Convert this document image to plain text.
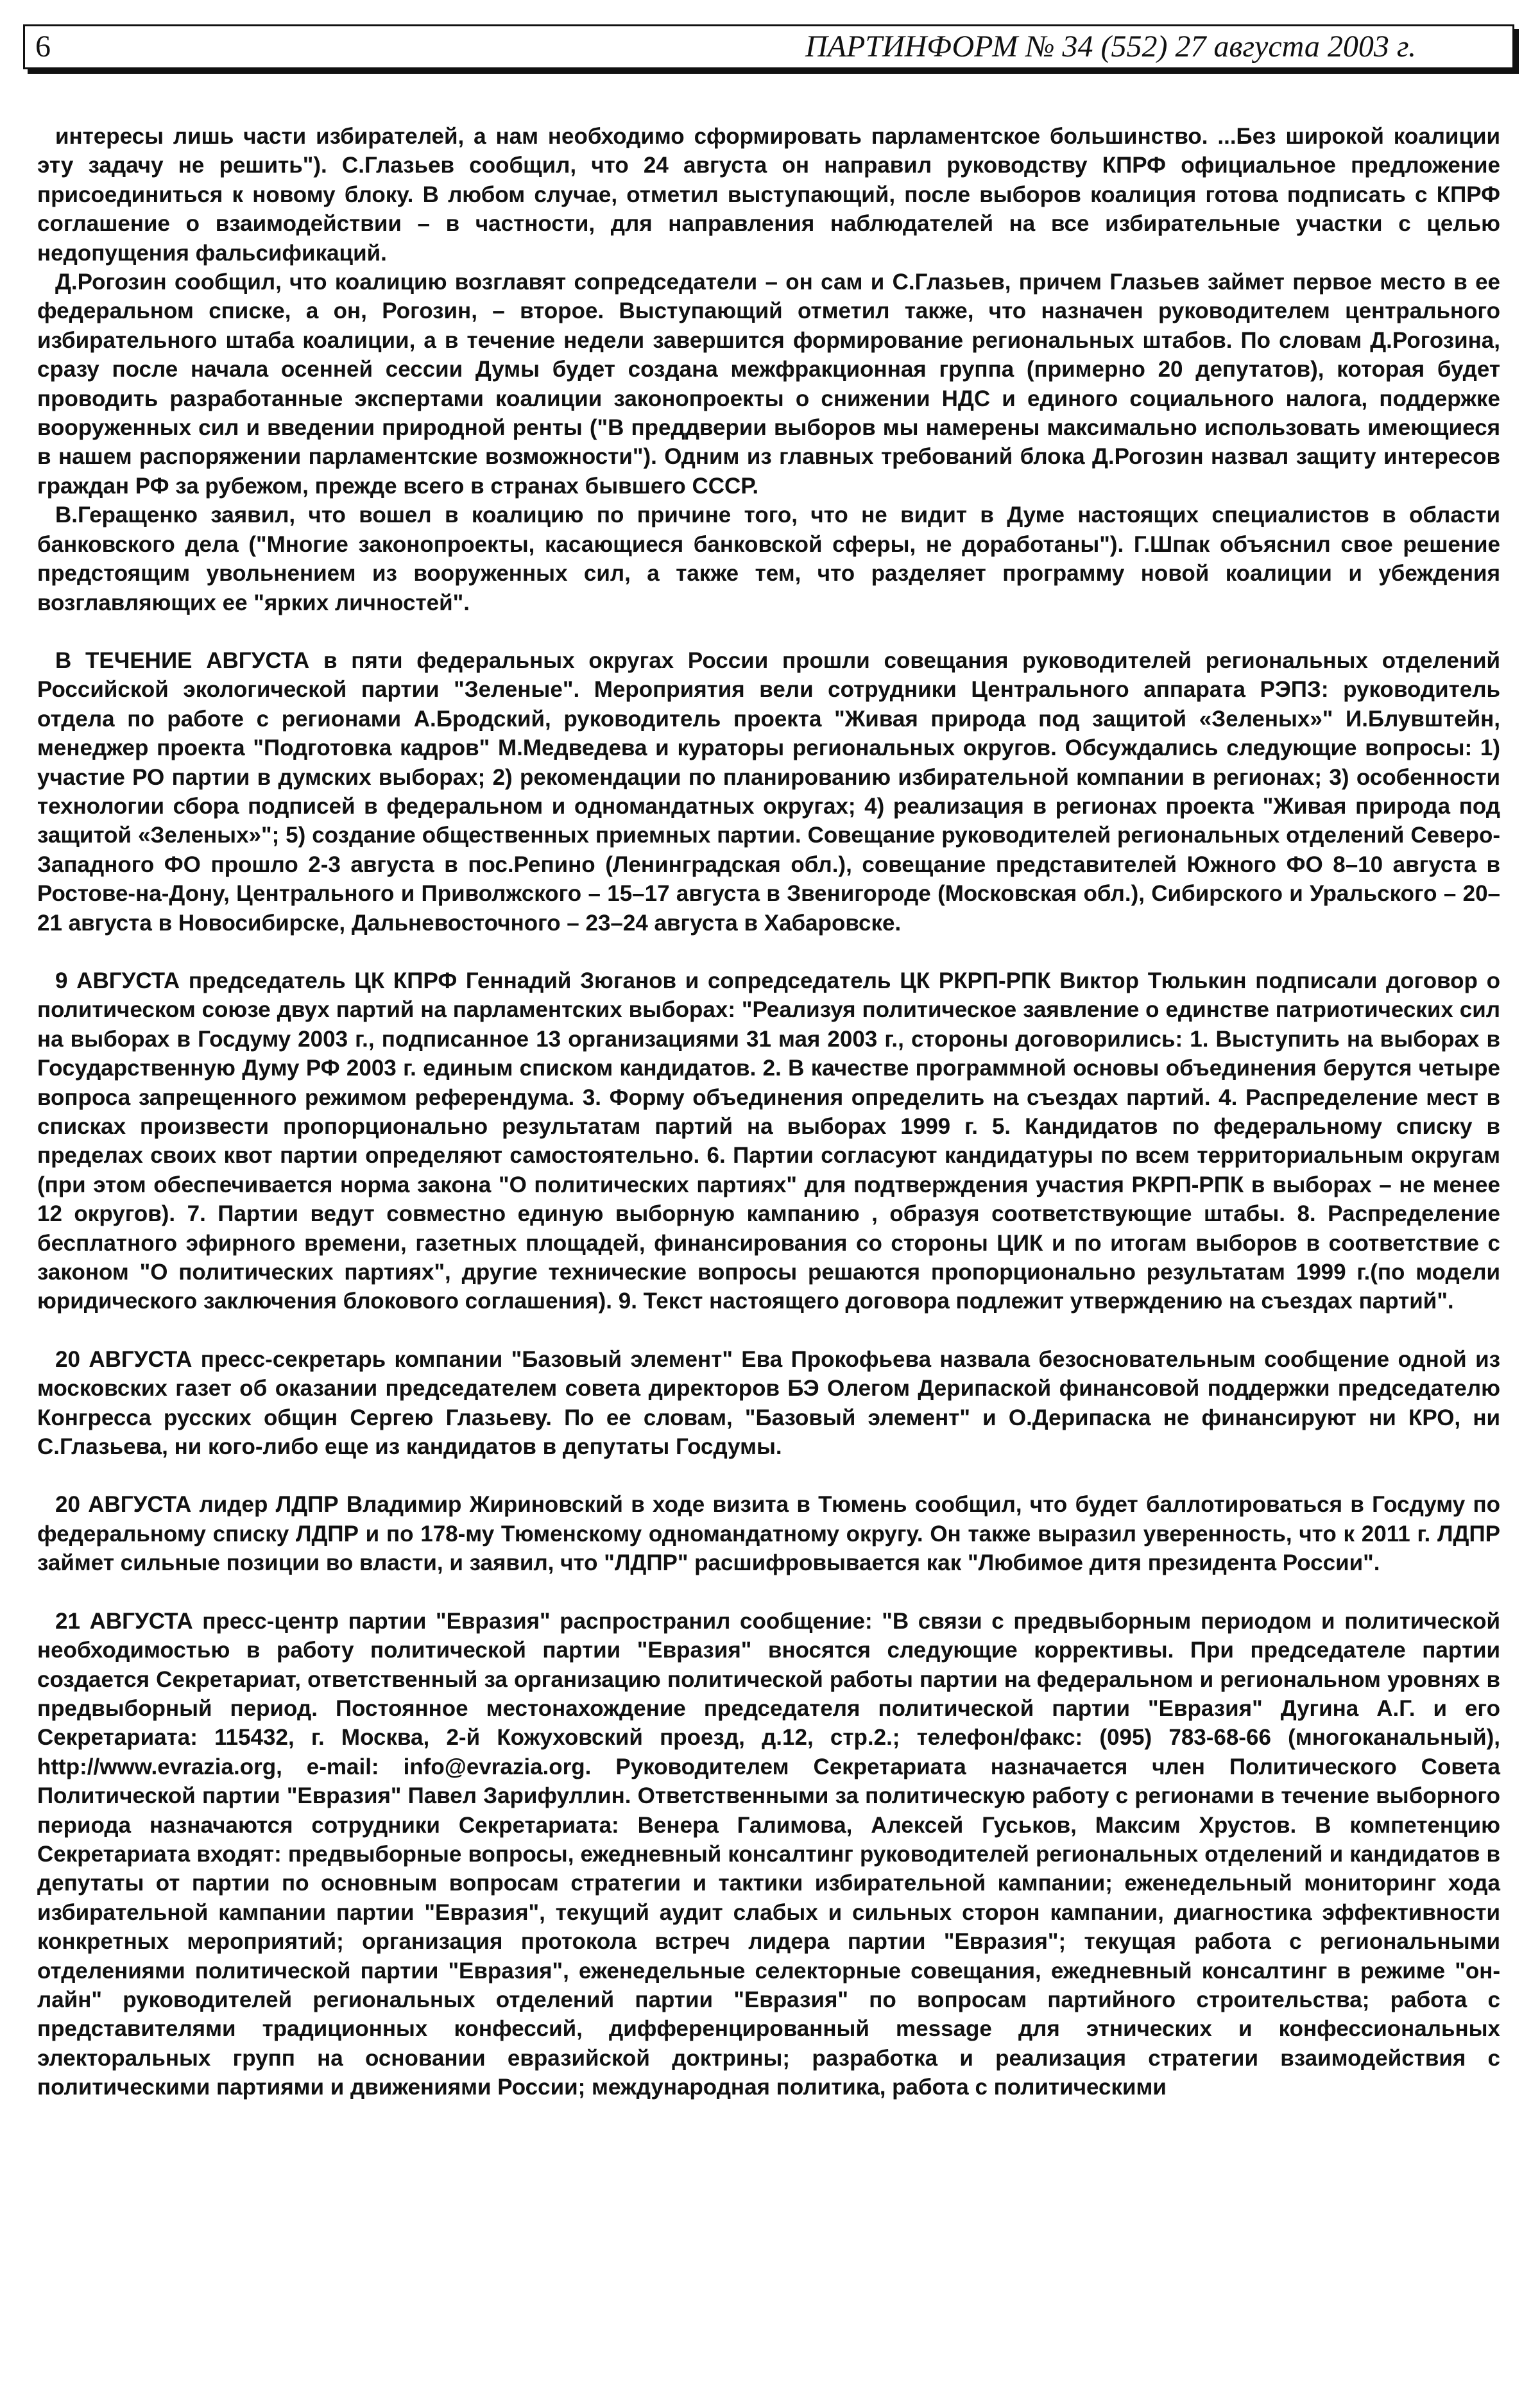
6	ПАРТИНФОРМ № 34 (552) 27 августа 2003 г.

интересы лишь части избирателей, а нам необходимо сформировать парламентское большинство. ...Без широкой коалиции эту задачу не решить"). С.Глазьев сообщил, что 24 августа он направил руководству КПРФ официальное предложение присоединиться к новому блоку. В любом случае, отметил выступающий, после выборов коалиция готова подписать с КПРФ соглашение о взаимодействии – в частности, для направления наблюдателей на все избирательные участки с целью недопущения фальсификаций.

Д.Рогозин сообщил, что коалицию возглавят сопредседатели – он сам и С.Глазьев, причем Глазьев займет первое место в ее федеральном списке, а он, Рогозин, – второе. Выступающий отметил также, что назначен руководителем центрального избирательного штаба коалиции, а в течение недели завершится формирование региональных штабов. По словам Д.Рогозина, сразу после начала осенней сессии Думы будет создана межфракционная группа (примерно 20 депутатов), которая будет проводить разработанные экспертами коалиции законопроекты о снижении НДС и единого социального налога, поддержке вооруженных сил и введении природной ренты ("В преддверии выборов мы намерены максимально использовать имеющиеся в нашем распоряжении парламентские возможности"). Одним из главных требований блока Д.Рогозин назвал защиту интересов граждан РФ за рубежом, прежде всего в странах бывшего СССР.

В.Геращенко заявил, что вошел в коалицию по причине того, что не видит в Думе настоящих специалистов в области банковского дела ("Многие законопроекты, касающиеся банковской сферы, не доработаны"). Г.Шпак объяснил свое решение предстоящим увольнением из вооруженных сил, а также тем, что разделяет программу новой коалиции и убеждения возглавляющих ее "ярких личностей".

В ТЕЧЕНИЕ АВГУСТА в пяти федеральных округах России прошли совещания руководителей региональных отделений Российской экологической партии "Зеленые". Мероприятия вели сотрудники Центрального аппарата РЭПЗ: руководитель отдела по работе с регионами А.Бродский, руководитель проекта "Живая природа под защитой «Зеленых»" И.Блувштейн, менеджер проекта "Подготовка кадров" М.Медведева и кураторы региональных округов. Обсуждались следующие вопросы: 1) участие РО партии в думских выборах; 2) рекомендации по планированию избирательной компании в регионах; 3) особенности технологии сбора подписей в федеральном и одномандатных округах; 4) реализация в регионах проекта "Живая природа под защитой «Зеленых»"; 5) создание общественных приемных партии. Совещание руководителей региональных отделений Северо-Западного ФО прошло 2-3 августа в пос.Репино (Ленинградская обл.), совещание представителей Южного ФО 8–10 августа в Ростове-на-Дону, Центрального и Приволжского – 15–17 августа в Звенигороде (Московская обл.), Сибирского и Уральского – 20–21 августа в Новосибирске, Дальневосточного – 23–24 августа в Хабаровске.

9 АВГУСТА председатель ЦК КПРФ Геннадий Зюганов и сопредседатель ЦК РКРП-РПК Виктор Тюлькин подписали договор о политическом союзе двух партий на парламентских выборах: "Реализуя политическое заявление о единстве патриотических сил на выборах в Госдуму 2003 г., подписанное 13 организациями 31 мая 2003 г., стороны договорились: 1. Выступить на выборах в Государственную Думу РФ 2003 г. единым списком кандидатов. 2. В качестве программной основы объединения берутся четыре вопроса запрещенного режимом референдума. 3. Форму объединения определить на съездах партий. 4. Распределение мест в списках произвести пропорционально результатам партий на выборах 1999 г. 5. Кандидатов по федеральному списку в пределах своих квот партии определяют самостоятельно. 6. Партии согласуют кандидатуры по всем территориальным округам (при этом обеспечивается норма закона "О политических партиях" для подтверждения участия РКРП-РПК в выборах – не менее 12 округов). 7. Партии ведут совместно единую выборную кампанию , образуя соответствующие штабы. 8. Распределение бесплатного эфирного времени, газетных площадей, финансирования со стороны ЦИК и по итогам выборов в соответствие с законом "О политических партиях", другие технические вопросы решаются пропорционально результатам 1999 г.(по модели юридического заключения блокового соглашения). 9. Текст настоящего договора подлежит утверждению на съездах партий".

20 АВГУСТА пресс-секретарь компании "Базовый элемент" Ева Прокофьева назвала безосновательным сообщение одной из московских газет об оказании председателем совета директоров БЭ Олегом Дерипаской финансовой поддержки председателю Конгресса русских общин Сергею Глазьеву. По ее словам, "Базовый элемент" и О.Дерипаска не финансируют ни КРО, ни С.Глазьева, ни кого-либо еще из кандидатов в депутаты Госдумы.

20 АВГУСТА лидер ЛДПР Владимир Жириновский в ходе визита в Тюмень сообщил, что будет баллотироваться в Госдуму по федеральному списку ЛДПР и по 178-му Тюменскому одномандатному округу. Он также выразил уверенность, что к 2011 г. ЛДПР займет сильные позиции во власти, и заявил, что "ЛДПР" расшифровывается как "Любимое дитя президента России".

21 АВГУСТА пресс-центр партии "Евразия" распространил сообщение: "В связи с предвыборным периодом и политической необходимостью в работу политической партии "Евразия" вносятся следующие коррективы. При председателе партии создается Секретариат, ответственный за организацию политической работы партии на федеральном и региональном уровнях в предвыборный период. Постоянное местонахождение председателя политической партии "Евразия" Дугина А.Г. и его Секретариата: 115432, г. Москва, 2-й Кожуховский проезд, д.12, стр.2.; телефон/факс: (095) 783-68-66 (многоканальный), http://www.evrazia.org, e-mail: info@evrazia.org. Руководителем Секретариата назначается член Политического Совета Политической партии "Евразия" Павел Зарифуллин. Ответственными за политическую работу с регионами в течение выборного периода назначаются сотрудники Секретариата: Венера Галимова, Алексей Гуськов, Максим Хрустов. В компетенцию Секретариата входят: предвыборные вопросы, ежедневный консалтинг руководителей региональных отделений и кандидатов в депутаты от партии по основным вопросам стратегии и тактики избирательной кампании; еженедельный мониторинг хода избирательной кампании партии "Евразия", текущий аудит слабых и сильных сторон кампании, диагностика эффективности конкретных мероприятий; организация протокола встреч лидера партии "Евразия"; текущая работа с региональными отделениями политической партии "Евразия", еженедельные селекторные совещания, ежедневный консалтинг в режиме "он-лайн" руководителей региональных отделений партии "Евразия" по вопросам партийного строительства; работа с представителями традиционных конфессий, дифференцированный message для этнических и конфессиональных электоральных групп на основании евразийской доктрины; разработка и реализация стратегии взаимодействия с политическими партиями и движениями России; международная политика, работа с политическими
